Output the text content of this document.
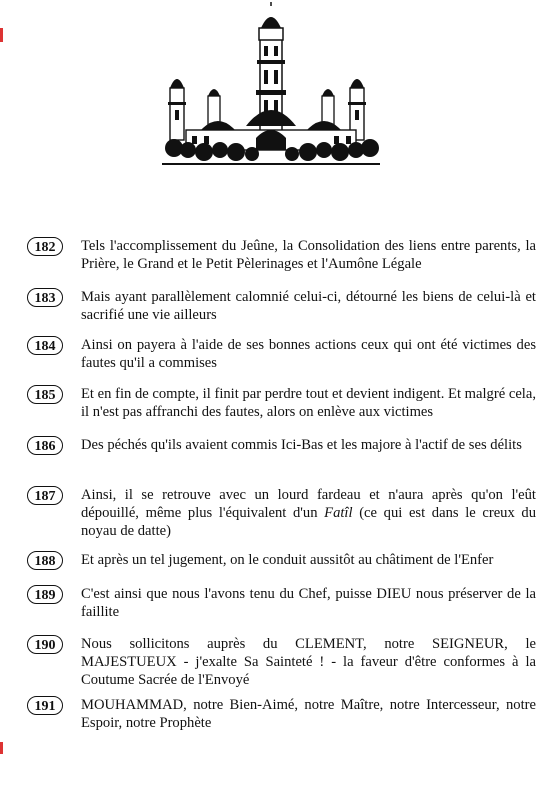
182	Tels l'accomplissement du Jeûne, la Consolidation des liens entre parents, la Prière, le Grand et le Petit Pèlerinages et l'Aumône Légale
183	Mais ayant parallèlement calomnié celui-ci, détourné les biens de celui-là et sacrifié une vie ailleurs
184	Ainsi on payera à l'aide de ses bonnes actions ceux qui ont été victimes des fautes qu'il a commises
185	Et en fin de compte, il finit par perdre tout et devient indigent. Et malgré cela, il n'est pas affranchi des fautes, alors on enlève aux victimes
186	Des péchés qu'ils avaient commis Ici-Bas et les majore à l'actif de ses délits
187	Ainsi, il se retrouve avec un lourd fardeau et n'aura après qu'on l'eût dépouillé, même plus l'équivalent d'un Fatîl (ce qui est dans le creux du noyau de datte)
188	Et après un tel jugement, on le conduit aussitôt au châtiment de l'Enfer
189	C'est ainsi que nous l'avons tenu du Chef, puisse DIEU nous préserver de la faillite
190	Nous sollicitons auprès du CLEMENT, notre SEIGNEUR, le MAJESTUEUX - j'exalte Sa Sainteté ! - la faveur d'être conformes à la Coutume Sacrée de l'Envoyé
191	MOUHAMMAD, notre Bien-Aimé, notre Maître, notre Intercesseur, notre Espoir, notre Prophète
